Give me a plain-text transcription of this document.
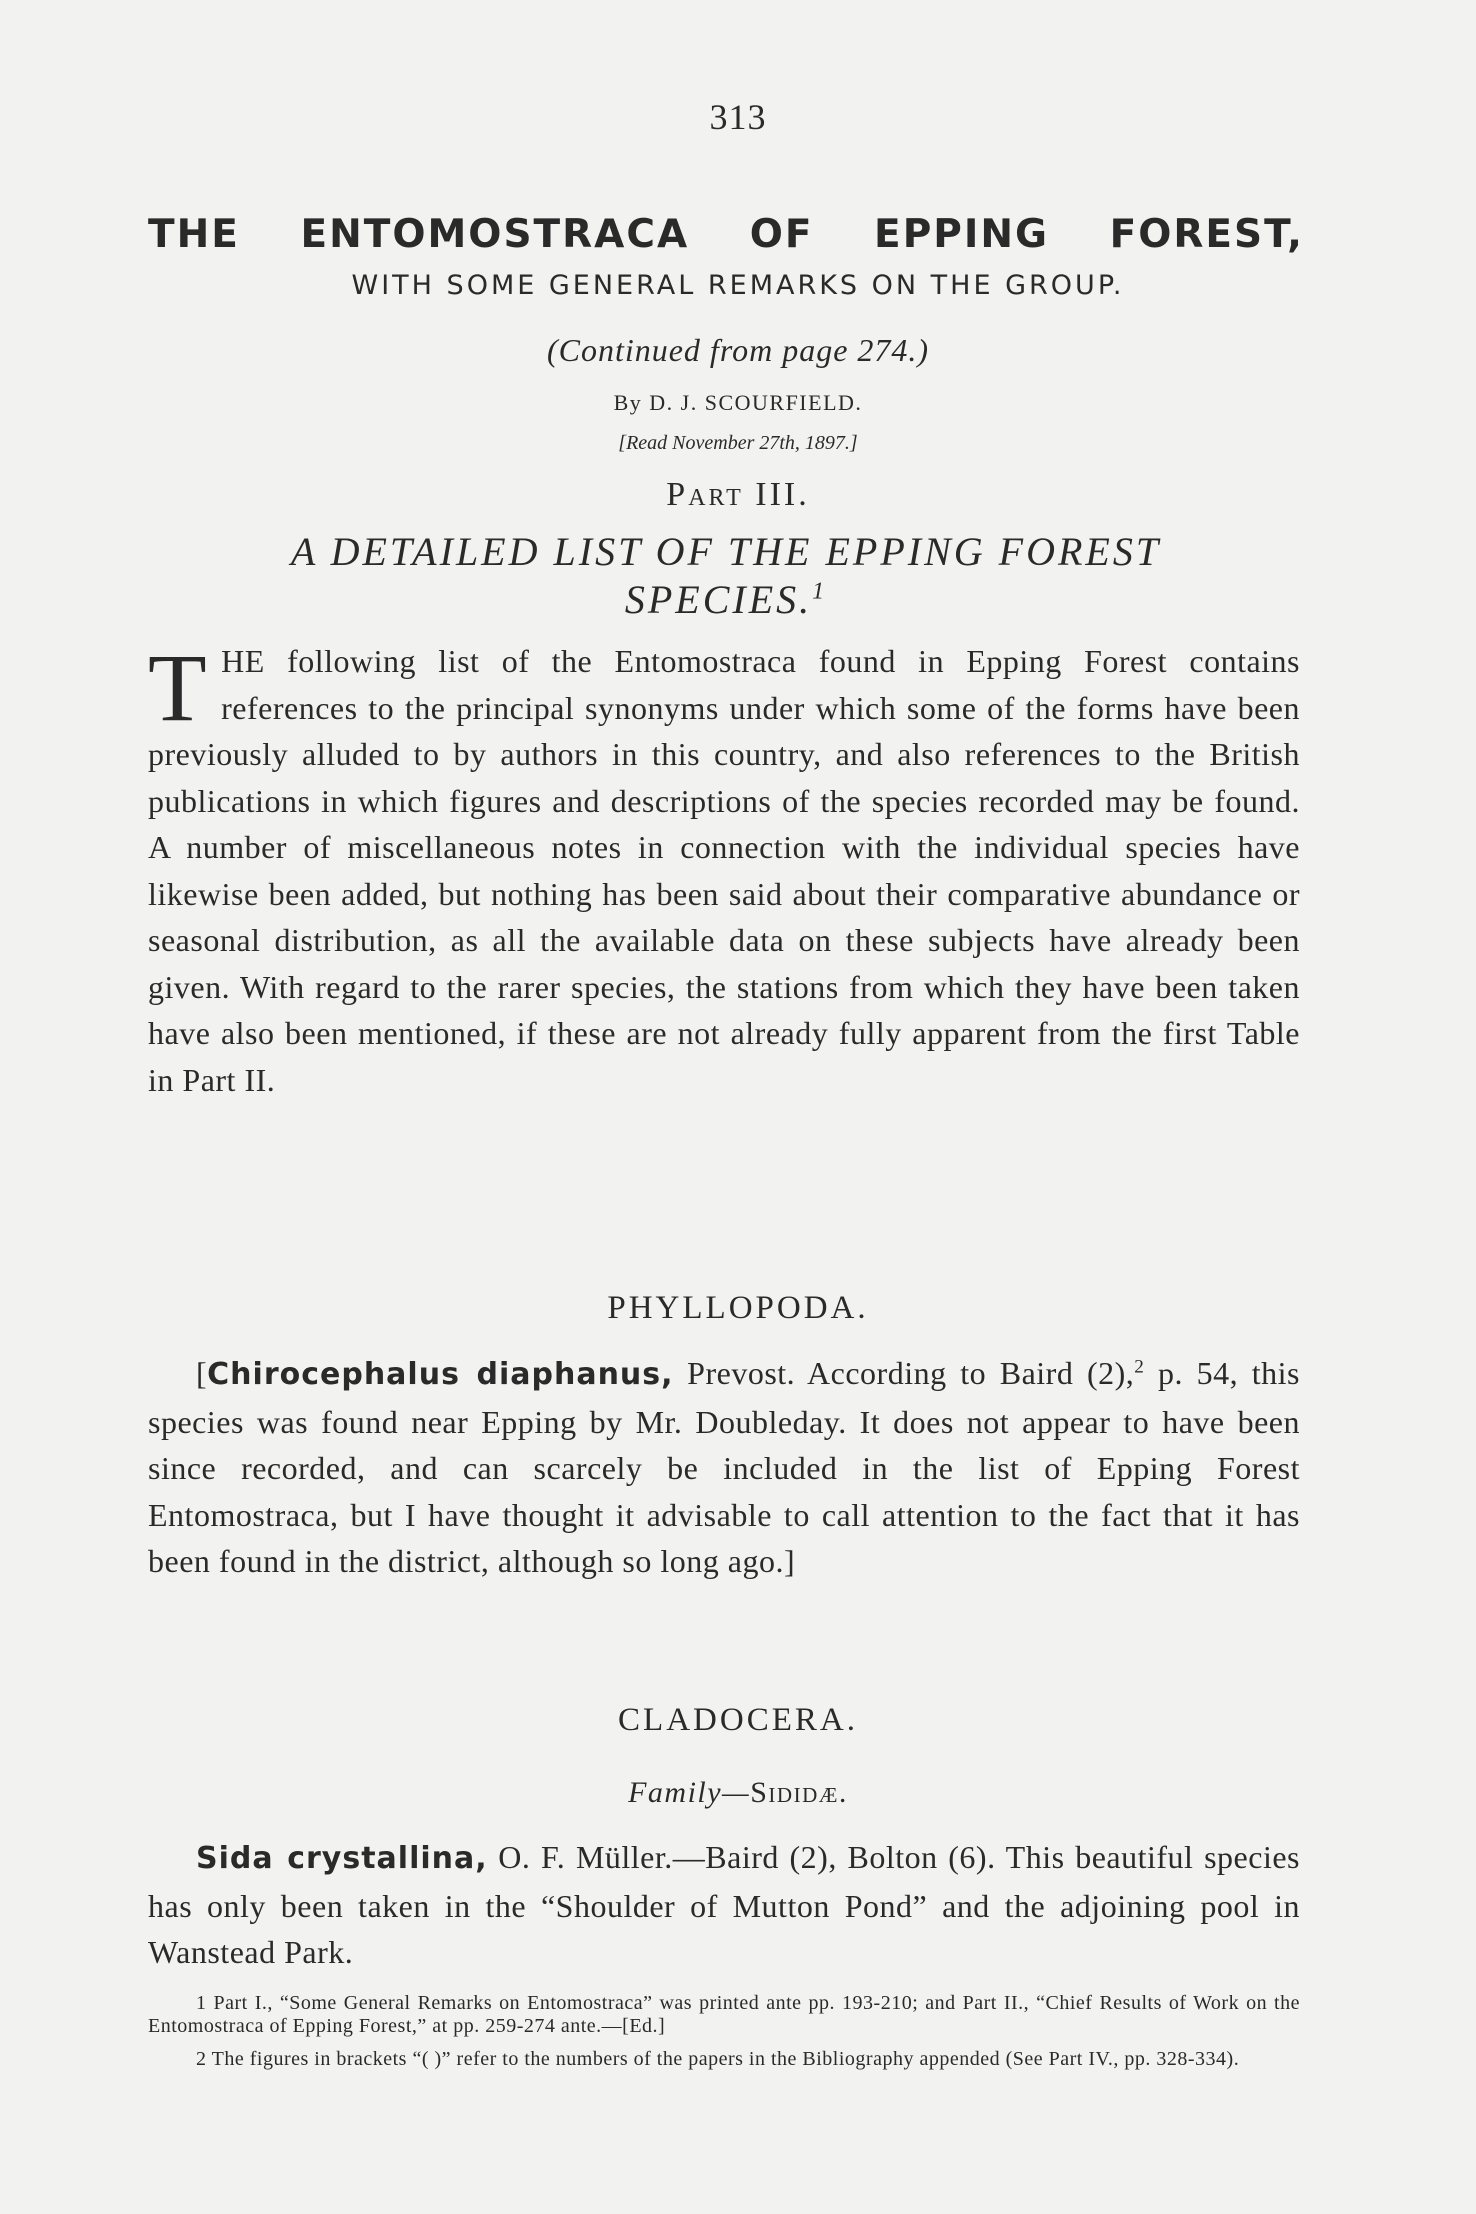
313
THE ENTOMOSTRACA OF EPPING FOREST,
WITH SOME GENERAL REMARKS ON THE GROUP.
(Continued from page 274.)
By D. J. SCOURFIELD.
[Read November 27th, 1897.]
Part III.
A DETAILED LIST OF THE EPPING FOREST
SPECIES.$^1$
THE following list of the Entomostraca found in Epping Forest contains references to the principal synonyms under which some of the forms have been previously alluded to by authors in this country, and also references to the British publications in which figures and descriptions of the species recorded may be found. A number of miscellaneous notes in connection with the individual species have likewise been added, but nothing has been said about their comparative abundance or seasonal distribution, as all the available data on these subjects have already been given. With regard to the rarer species, the stations from which they have been taken have also been mentioned, if these are not already fully apparent from the first Table in Part II.
PHYLLOPODA.
[Chirocephalus diaphanus, Prevost. According to Baird (2),$^2$ p. 54, this species was found near Epping by Mr. Doubleday. It does not appear to have been since recorded, and can scarcely be included in the list of Epping Forest Entomostraca, but I have thought it advisable to call attention to the fact that it has been found in the district, although so long ago.]
CLADOCERA.
Family—Sididæ.
Sida crystallina, O. F. Müller.—Baird (2), Bolton (6). This beautiful species has only been taken in the “Shoulder of Mutton Pond” and the adjoining pool in Wanstead Park.

1 Part I., “Some General Remarks on Entomostraca” was printed ante pp. 193-210; and Part II., “Chief Results of Work on the Entomostraca of Epping Forest,” at pp. 259-274 ante.—[Ed.]

2 The figures in brackets “( )” refer to the numbers of the papers in the Bibliography appended (See Part IV., pp. 328-334).
